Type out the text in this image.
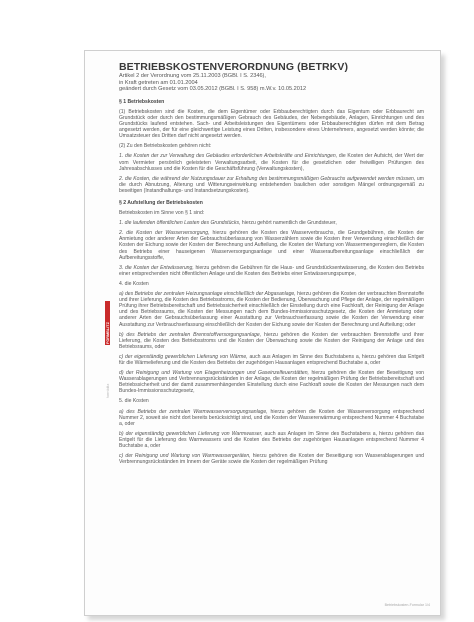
FORMBLITZ
formblitz
BETRIEBSKOSTENVERORDNUNG (BETRKV)
Artikel 2 der Verordnung vom 25.11.2003 (BGBl. I S. 2346),
in Kraft getreten am 01.01.2004
geändert durch Gesetz vom 03.05.2012 (BGBl. I S. 958) m.W.v. 10.05.2012
§ 1 Betriebskosten

(1) Betriebskosten sind die Kosten, die dem Eigentümer oder Erbbauberechtigten durch das Eigentum oder Erbbaurecht am Grundstück oder durch den bestimmungsmäßigen Gebrauch des Gebäudes, der Nebengebäude, Anlagen, Einrichtungen und des Grundstücks laufend entstehen. Sach- und Arbeitsleistungen des Eigentümers oder Erbbauberechtigten dürfen mit dem Betrag angesetzt werden, der für eine gleichwertige Leistung eines Dritten, insbesondere eines Unternehmers, angesetzt werden könnte; die Umsatzsteuer des Dritten darf nicht angesetzt werden.

(2) Zu den Betriebskosten gehören nicht:

1. die Kosten der zur Verwaltung des Gebäudes erforderlichen Arbeitskräfte und Einrichtungen, die Kosten der Aufsicht, der Wert der vom Vermieter persönlich geleisteten Verwaltungsarbeit, die Kosten für die gesetzlichen oder freiwilligen Prüfungen des Jahresabschlusses und die Kosten für die Geschäftsführung (Verwaltungskosten),

2. die Kosten, die während der Nutzungsdauer zur Erhaltung des bestimmungsmäßigen Gebrauchs aufgewendet werden müssen, um die durch Abnutzung, Alterung und Witterungseinwirkung entstehenden baulichen oder sonstigen Mängel ordnungsgemäß zu beseitigen (Instandhaltungs- und Instandsetzungskosten).

§ 2 Aufstellung der Betriebskosten

Betriebskosten im Sinne von § 1 sind:

1. die laufenden öffentlichen Lasten des Grundstücks, hierzu gehört namentlich die Grundsteuer,

2. die Kosten der Wasserversorgung, hierzu gehören die Kosten des Wasserverbrauchs, die Grundgebühren, die Kosten der Anmietung oder anderer Arten der Gebrauchsüberlassung von Wasserzählern sowie die Kosten ihrer Verwendung einschließlich der Kosten der Eichung sowie der Kosten der Berechnung und Aufteilung, die Kosten der Wartung von Wassermengenreglern, die Kosten des Betriebs einer hauseigenen Wasserversorgungsanlage und einer Wasseraufbereitungsanlage einschließlich der Aufbereitungsstoffe,

3. die Kosten der Entwässerung, hierzu gehören die Gebühren für die Haus- und Grundstücksentwässerung, die Kosten des Betriebs einer entsprechenden nicht öffentlichen Anlage und die Kosten des Betriebs einer Entwässerungspumpe,

4. die Kosten

a) des Betriebs der zentralen Heizungsanlage einschließlich der Abgasanlage, hierzu gehören die Kosten der verbrauchten Brennstoffe und ihrer Lieferung, die Kosten des Betriebsstroms, die Kosten der Bedienung, Überwachung und Pflege der Anlage, der regelmäßigen Prüfung ihrer Betriebsbereitschaft und Betriebssicherheit einschließlich der Einstellung durch eine Fachkraft, der Reinigung der Anlage und des Betriebsraums, die Kosten der Messungen nach dem Bundes-Immissionsschutzgesetz, die Kosten der Anmietung oder anderer Arten der Gebrauchsüberlassung einer Ausstattung zur Verbrauchserfassung sowie die Kosten der Verwendung einer Ausstattung zur Verbrauchserfassung einschließlich der Kosten der Eichung sowie der Kosten der Berechnung und Aufteilung; oder

b) des Betriebs der zentralen Brennstoffversorgungsanlage, hierzu gehören die Kosten der verbrauchten Brennstoffe und ihrer Lieferung, die Kosten des Betriebsstroms und die Kosten der Überwachung sowie die Kosten der Reinigung der Anlage und des Betriebsraums, oder

c) der eigenständig gewerblichen Lieferung von Wärme, auch aus Anlagen im Sinne des Buchstabens a, hierzu gehören das Entgelt für die Wärmelieferung und die Kosten des Betriebs der zugehörigen Hausanlagen entsprechend Buchstabe a, oder

d) der Reinigung und Wartung von Etagenheizungen und Gaseinzelfeuerstätten, hierzu gehören die Kosten der Beseitigung von Wasserablagerungen und Verbrennungsrückständen in der Anlage, die Kosten der regelmäßigen Prüfung der Betriebsbereitschaft und Betriebssicherheit und der damit zusammenhängenden Einstellung durch eine Fachkraft sowie die Kosten der Messungen nach dem Bundes-Immissionsschutzgesetz,

5. die Kosten

a) des Betriebs der zentralen Warmwasserversorgungsanlage, hierzu gehören die Kosten der Wasserversorgung entsprechend Nummer 2, soweit sie nicht dort bereits berücksichtigt sind, und die Kosten der Wassererwärmung entsprechend Nummer 4 Buchstabe a, oder

b) der eigenständig gewerblichen Lieferung von Warmwasser, auch aus Anlagen im Sinne des Buchstabens a, hierzu gehören das Entgelt für die Lieferung des Warmwassers und die Kosten des Betriebs der zugehörigen Hausanlagen entsprechend Nummer 4 Buchstabe a, oder

c) der Reinigung und Wartung von Warmwassergeräten, hierzu gehören die Kosten der Beseitigung von Wasserablagerungen und Verbrennungsrückständen im Innern der Geräte sowie die Kosten der regelmäßigen Prüfung

Betriebskosten-Formular 1/4
